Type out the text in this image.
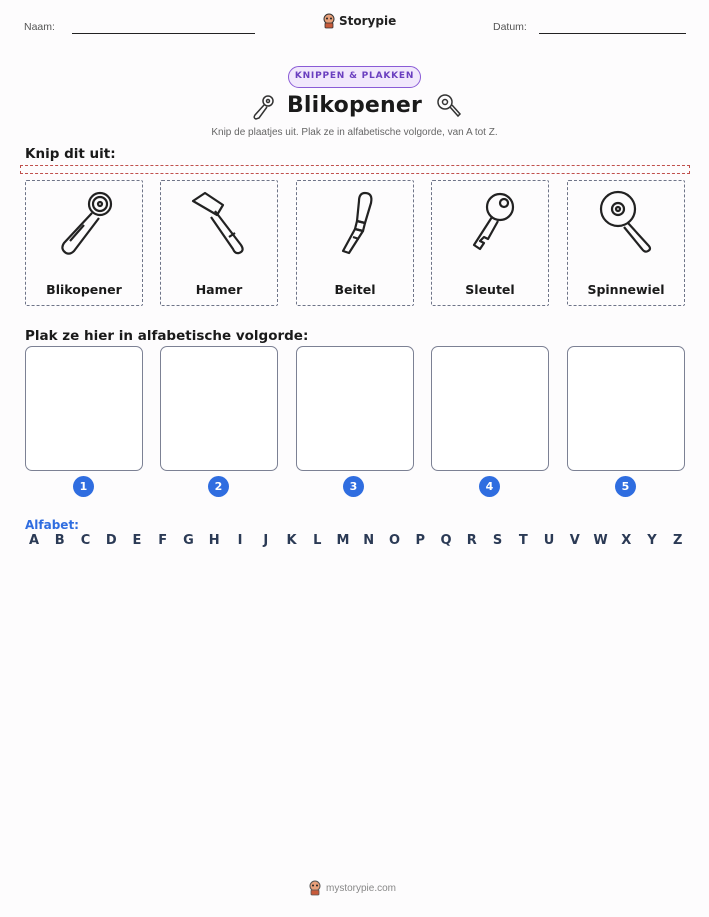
Naam:	Storypie	Datum:
KNIPPEN & PLAKKEN
Blikopener
Knip de plaatjes uit. Plak ze in alfabetische volgorde, van A tot Z.
Knip dit uit:
Blikopener	Hamer	Beitel	Sleutel	Spinnewiel
Plak ze hier in alfabetische volgorde:
1	2	3	4	5
Alfabet:
A	B	C	D	E	F	G H	I	J	K	L	M N O	P	Q	R	S	T	U	V	W	X	Y	Z
mystorypie.com
